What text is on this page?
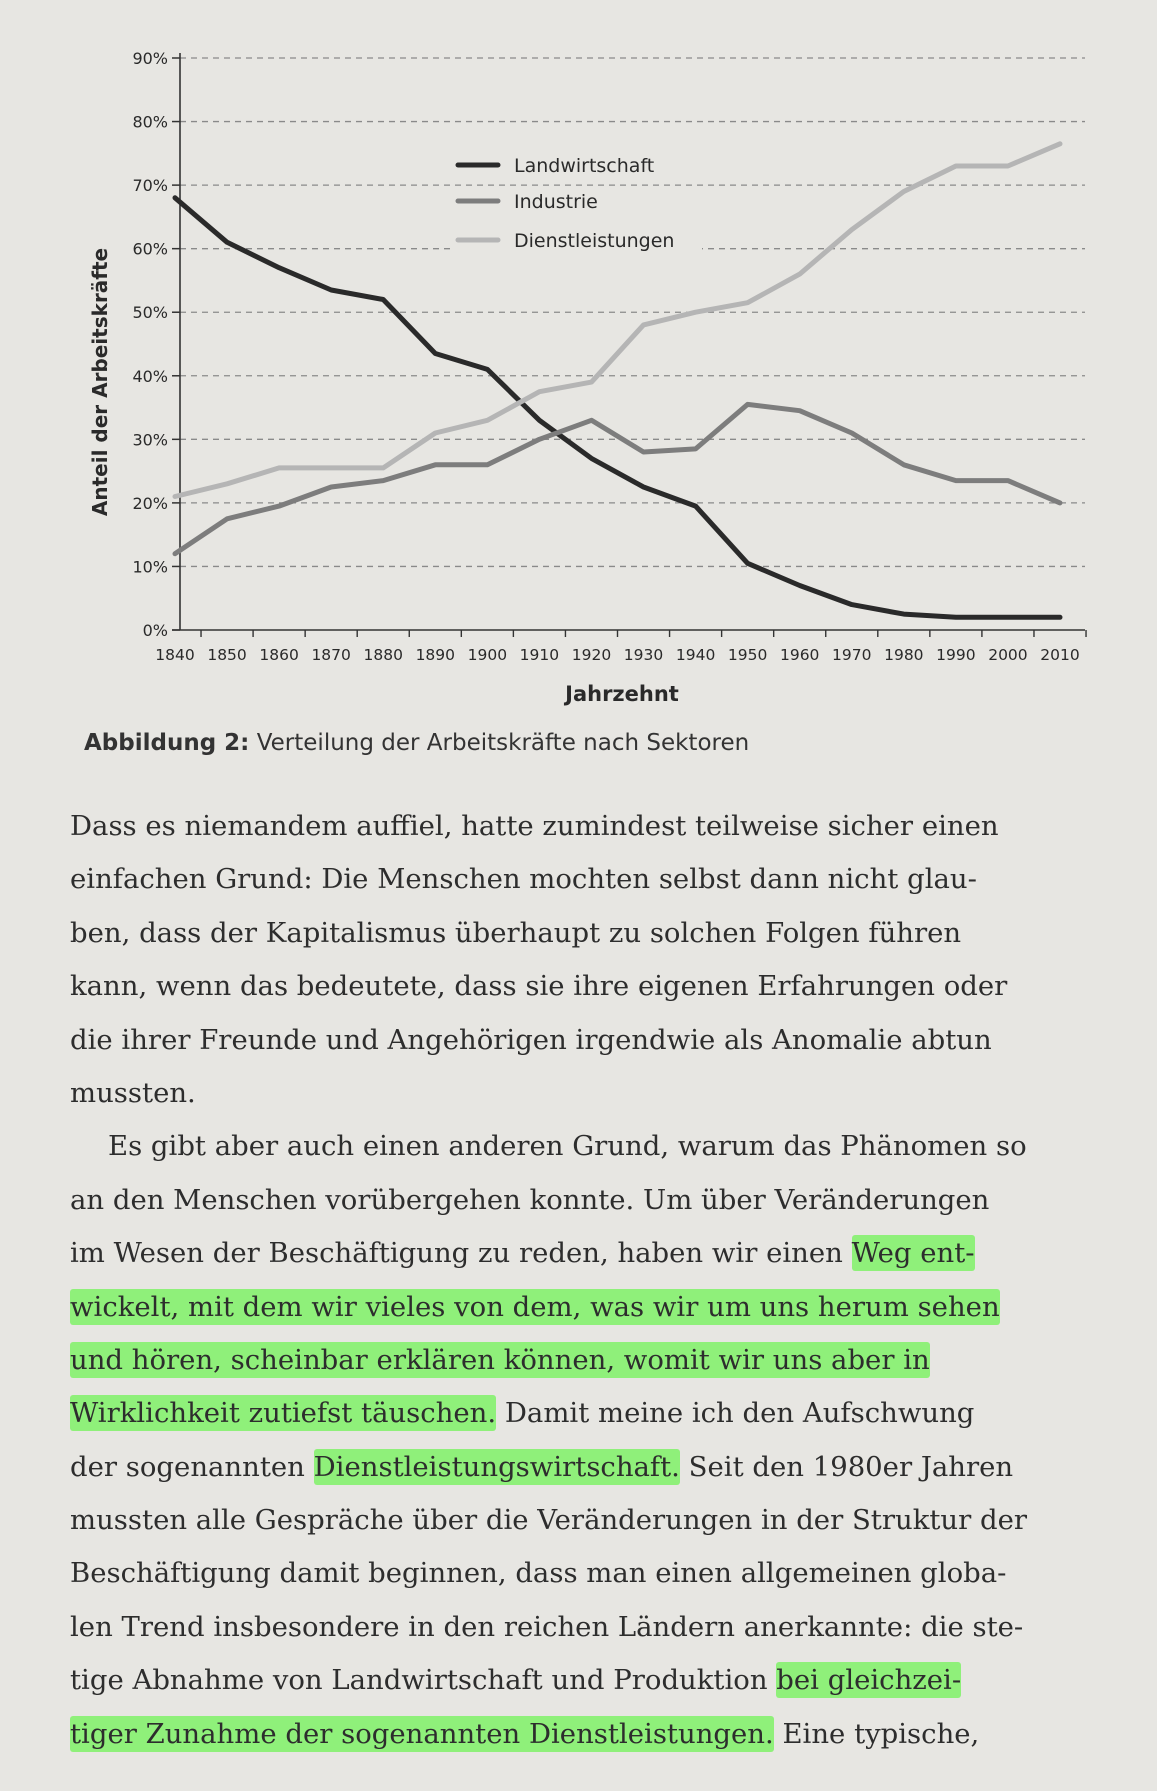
0%
10%
20%
30%
40%
50%
60%
70%
80%
90%
1840 1850 1860 1870 1880 1890 1900 1910 1920 1930 1940 1950 1960 1970 1980 1990 2000 2010
Landwirtschaft
Industrie
Dienstleistungen
Jahrzehnt
Anteil der Arbeitskräfte
Abbildung 2: Verteilung der Arbeitskräfte nach Sektoren
Dass es niemandem auffiel, hatte zumindest teilweise sicher einen
einfachen Grund: Die Menschen mochten selbst dann nicht glau-
ben, dass der Kapitalismus überhaupt zu solchen Folgen führen
kann, wenn das bedeutete, dass sie ihre eigenen Erfahrungen oder
die ihrer Freunde und Angehörigen irgendwie als Anomalie abtun
mussten.
Es gibt aber auch einen anderen Grund, warum das Phänomen so
an den Menschen vorübergehen konnte. Um über Veränderungen
im Wesen der Beschäftigung zu reden, haben wir einen Weg ent-
wickelt, mit dem wir vieles von dem, was wir um uns herum sehen
und hören, scheinbar erklären können, womit wir uns aber in
Wirklichkeit zutiefst täuschen. Damit meine ich den Aufschwung
der sogenannten Dienstleistungswirtschaft. Seit den 1980er Jahren
mussten alle Gespräche über die Veränderungen in der Struktur der
Beschäftigung damit beginnen, dass man einen allgemeinen globa-
len Trend insbesondere in den reichen Ländern anerkannte: die ste-
tige Abnahme von Landwirtschaft und Produktion bei gleichzei-
tiger Zunahme der sogenannten Dienstleistungen. Eine typische,
